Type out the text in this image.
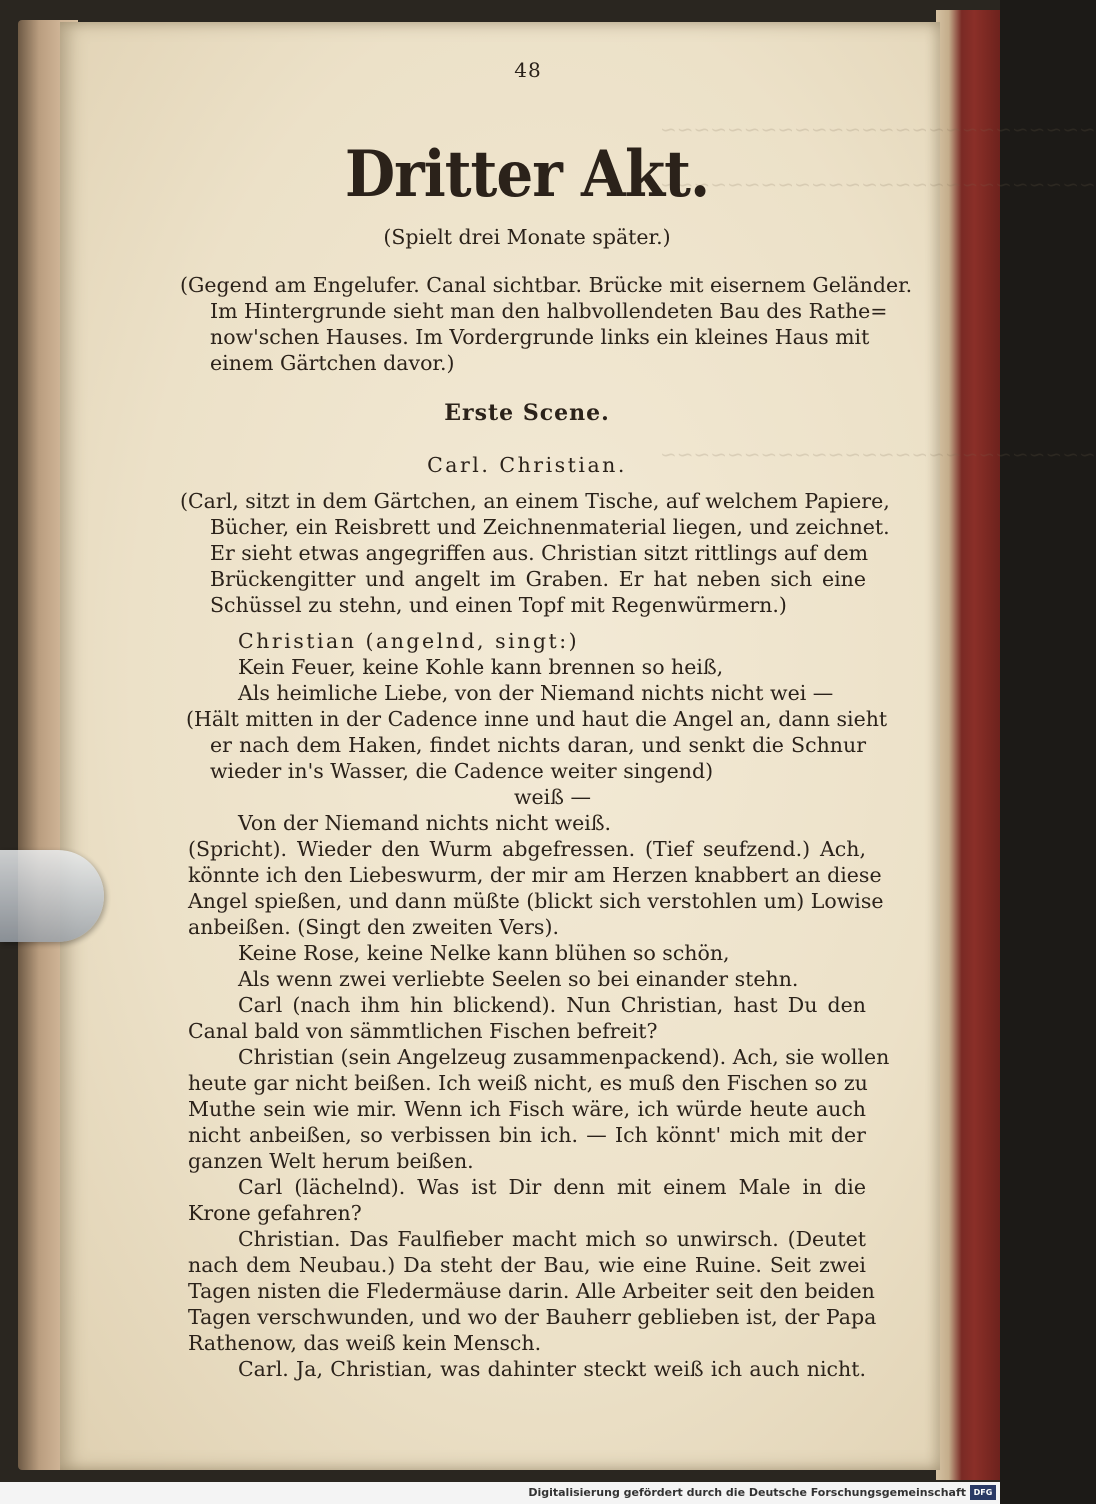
~~~~~~~~~~~~~~~~~~~~~~~~~~
~~~~~~~~~~~~~~~~~~~~~~~~~~
~~~~~~~~~~~~~~~~~~~~~~~~~~
48
Dritter Akt.
(Spielt drei Monate später.)
(Gegend am Engelufer. Canal sichtbar. Brücke mit eisernem Geländer.
Im Hintergrunde sieht man den halbvollendeten Bau des Rathe=
now'schen Hauses. Im Vordergrunde links ein kleines Haus mit
einem Gärtchen davor.)
Erste Scene.
Carl. Christian.
(Carl, sitzt in dem Gärtchen, an einem Tische, auf welchem Papiere,
Bücher, ein Reisbrett und Zeichnenmaterial liegen, und zeichnet.
Er sieht etwas angegriffen aus. Christian sitzt rittlings auf dem
Brückengitter und angelt im Graben. Er hat neben sich eine
Schüssel zu stehn, und einen Topf mit Regenwürmern.)
Christian (angelnd, singt:)
Kein Feuer, keine Kohle kann brennen so heiß,
Als heimliche Liebe, von der Niemand nichts nicht wei —
(Hält mitten in der Cadence inne und haut die Angel an, dann sieht
er nach dem Haken, findet nichts daran, und senkt die Schnur
wieder in's Wasser, die Cadence weiter singend)
weiß —
Von der Niemand nichts nicht weiß.
(Spricht). Wieder den Wurm abgefressen. (Tief seufzend.) Ach,
könnte ich den Liebeswurm, der mir am Herzen knabbert an diese
Angel spießen, und dann müßte (blickt sich verstohlen um) Lowise
anbeißen. (Singt den zweiten Vers).
Keine Rose, keine Nelke kann blühen so schön,
Als wenn zwei verliebte Seelen so bei einander stehn.
Carl (nach ihm hin blickend). Nun Christian, hast Du den
Canal bald von sämmtlichen Fischen befreit?
Christian (sein Angelzeug zusammenpackend). Ach, sie wollen
heute gar nicht beißen. Ich weiß nicht, es muß den Fischen so zu
Muthe sein wie mir. Wenn ich Fisch wäre, ich würde heute auch
nicht anbeißen, so verbissen bin ich. — Ich könnt' mich mit der
ganzen Welt herum beißen.
Carl (lächelnd). Was ist Dir denn mit einem Male in die
Krone gefahren?
Christian. Das Faulfieber macht mich so unwirsch. (Deutet
nach dem Neubau.) Da steht der Bau, wie eine Ruine. Seit zwei
Tagen nisten die Fledermäuse darin. Alle Arbeiter seit den beiden
Tagen verschwunden, und wo der Bauherr geblieben ist, der Papa
Rathenow, das weiß kein Mensch.
Carl. Ja, Christian, was dahinter steckt weiß ich auch nicht.
Digitalisierung gefördert durch die Deutsche Forschungsgemeinschaft DFG
